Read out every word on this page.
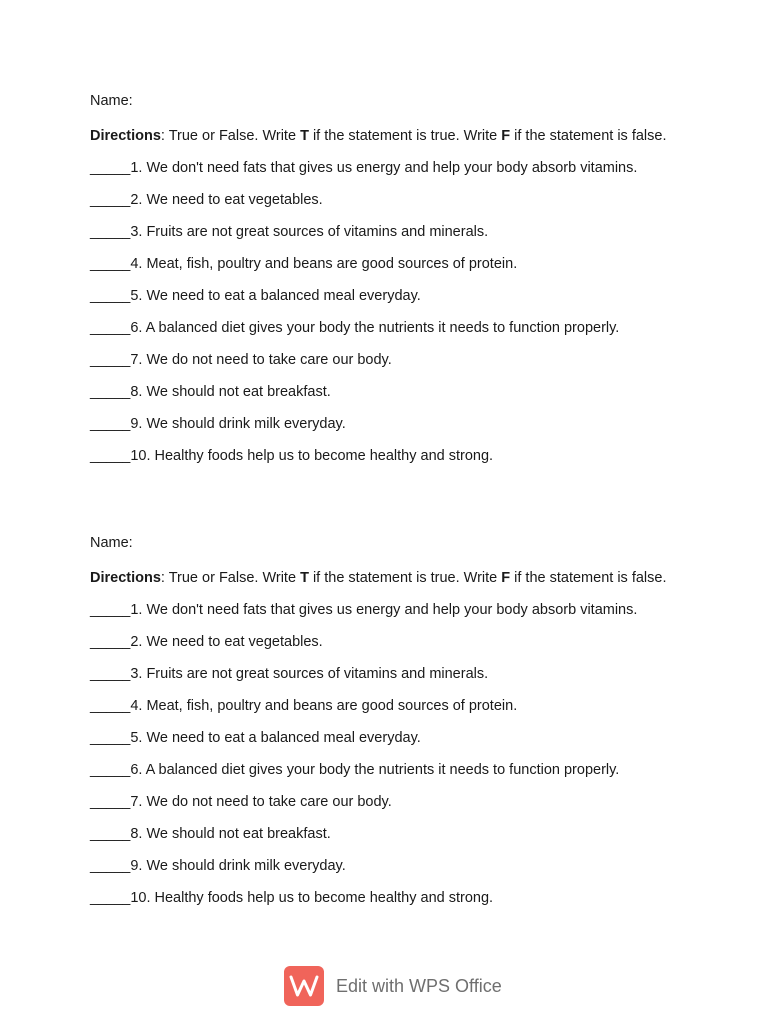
Name:

Directions: True or False. Write T if the statement is true. Write F if the statement is false.

_____1. We don't need fats that gives us energy and help your body absorb vitamins.

_____2. We need to eat vegetables.

_____3. Fruits are not great sources of vitamins and minerals.

_____4. Meat, fish, poultry and beans are good sources of protein.

_____5. We need to eat a balanced meal everyday.

_____6. A balanced diet gives your body the nutrients it needs to function properly.

_____7. We do not need to take care our body.

_____8. We should not eat breakfast.

_____9. We should drink milk everyday.

_____10. Healthy foods help us to become healthy and strong.

Name:

Directions: True or False. Write T if the statement is true. Write F if the statement is false.

_____1. We don't need fats that gives us energy and help your body absorb vitamins.

_____2. We need to eat vegetables.

_____3. Fruits are not great sources of vitamins and minerals.

_____4. Meat, fish, poultry and beans are good sources of protein.

_____5. We need to eat a balanced meal everyday.

_____6. A balanced diet gives your body the nutrients it needs to function properly.

_____7. We do not need to take care our body.

_____8. We should not eat breakfast.

_____9. We should drink milk everyday.

_____10. Healthy foods help us to become healthy and strong.

Edit with WPS Office
